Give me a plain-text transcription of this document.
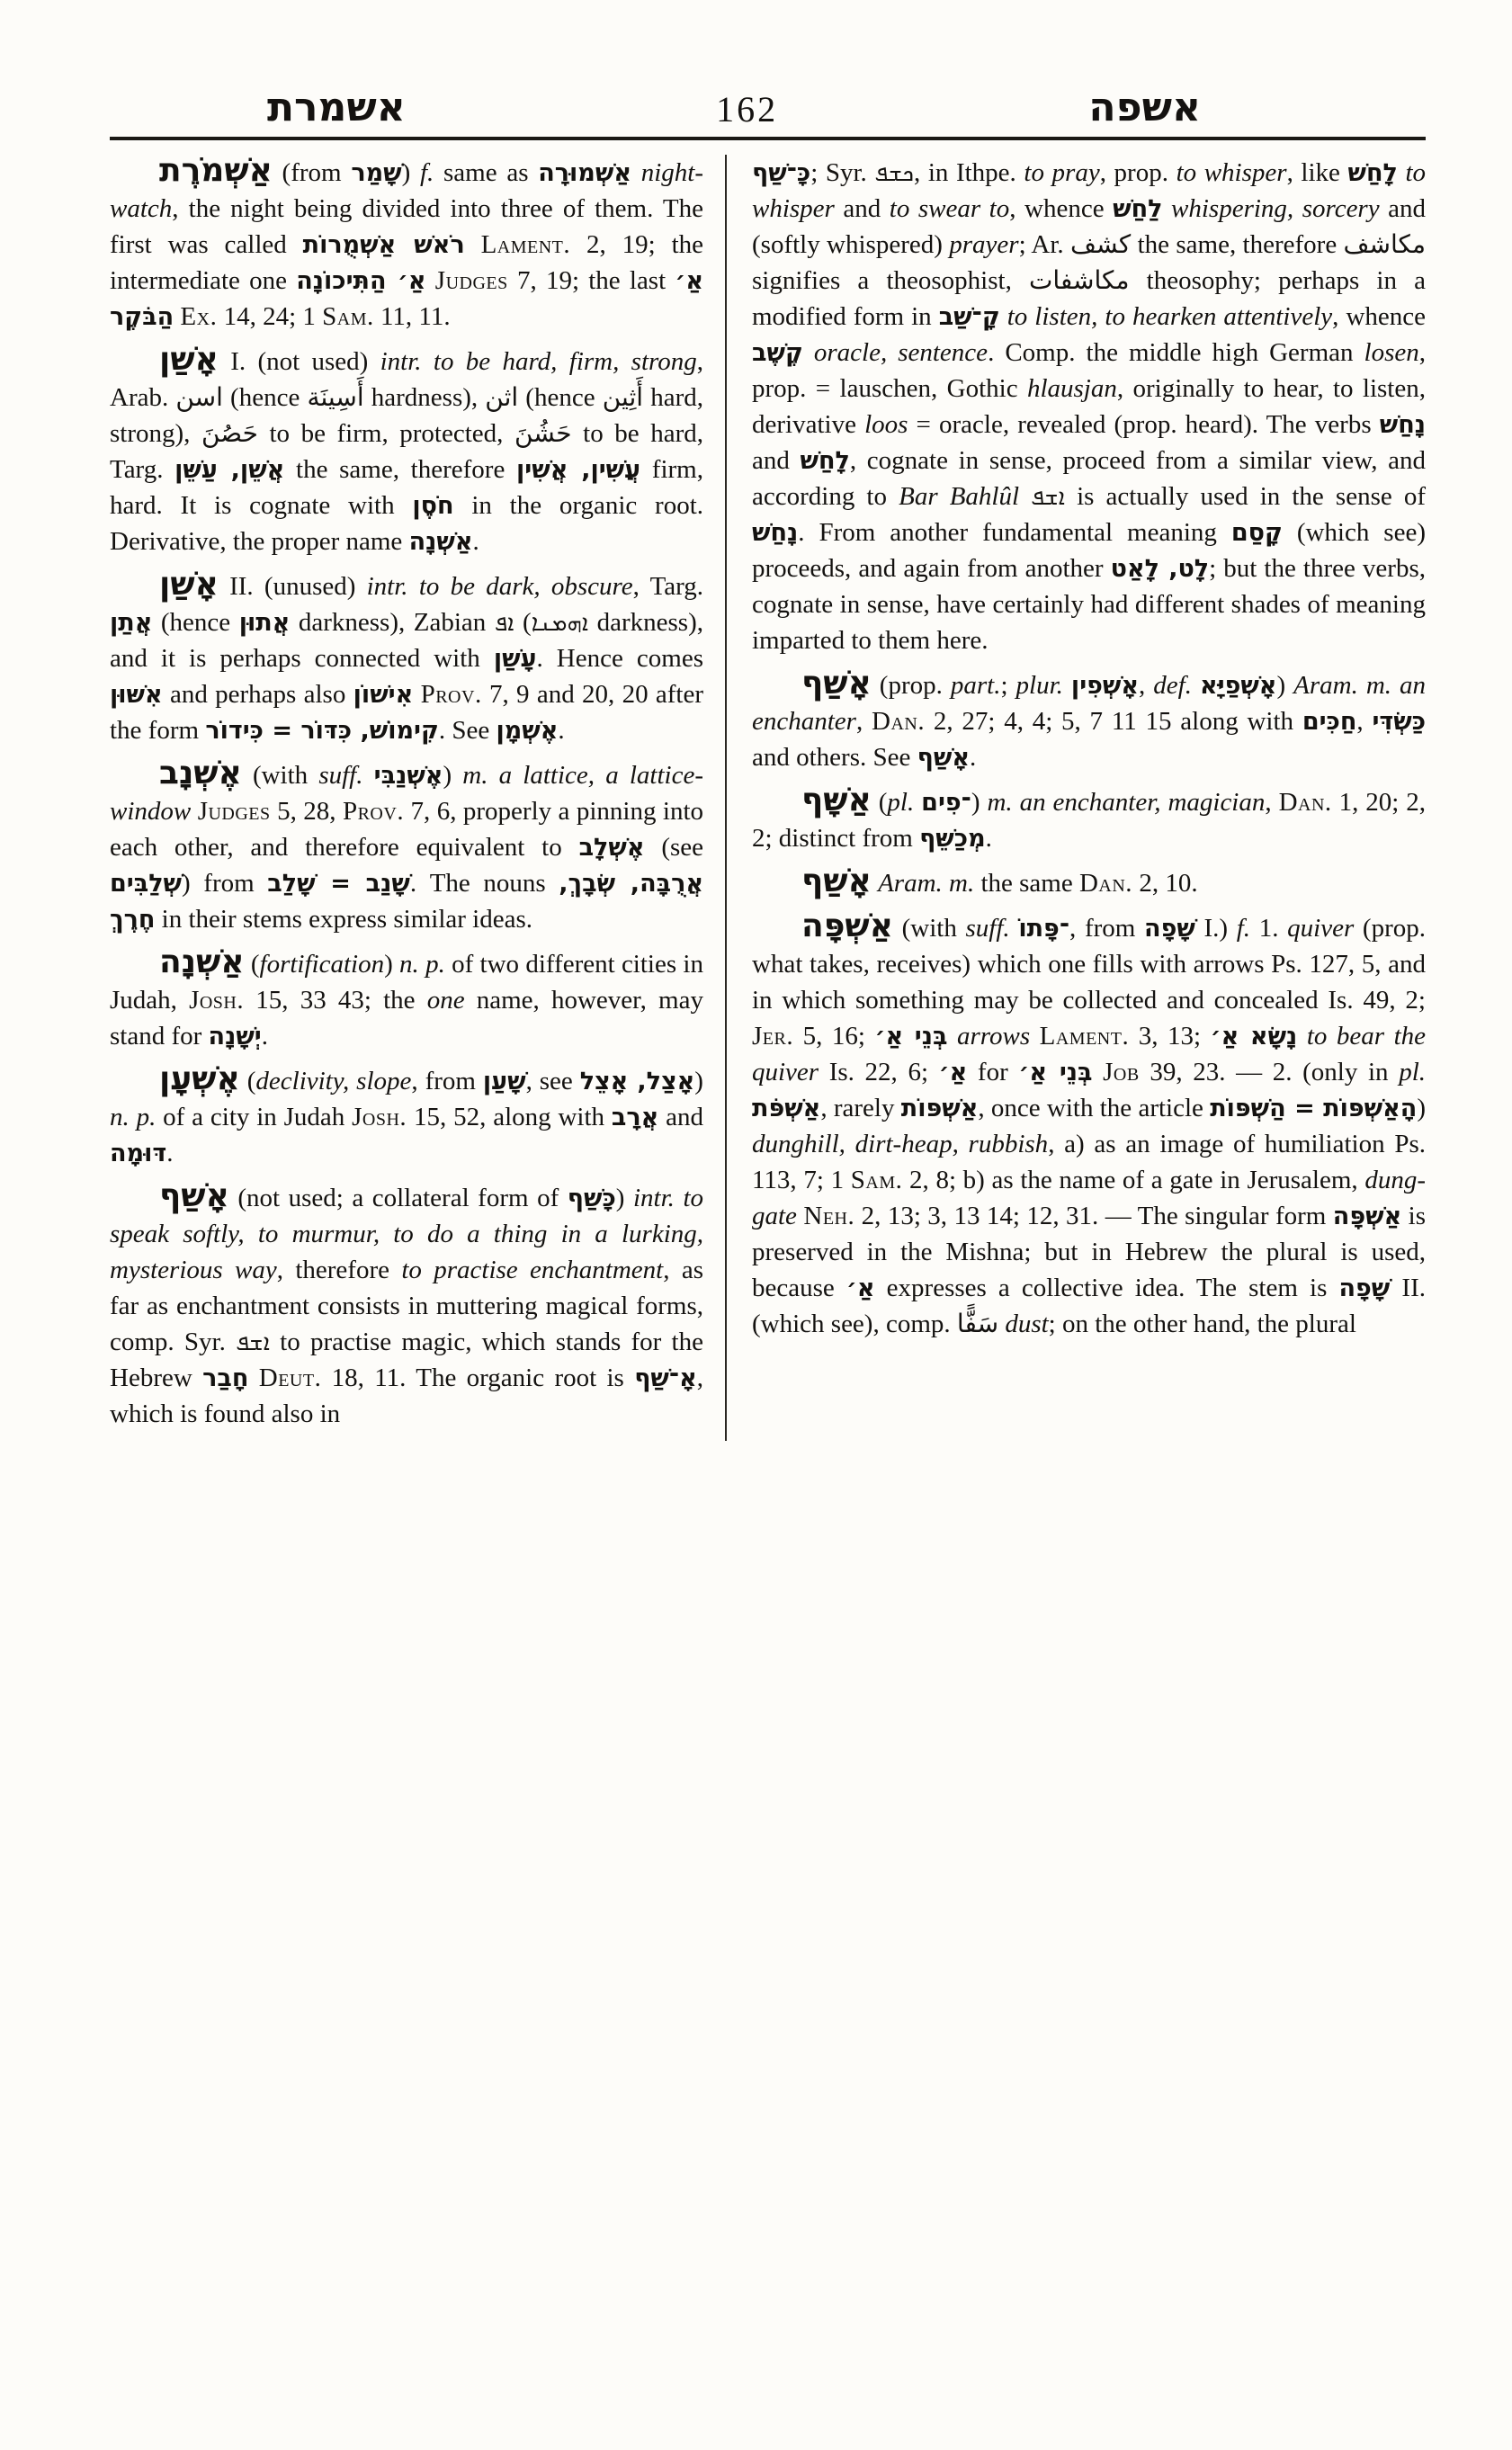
אשמרת	162	אשפה

אַשְׁמֹרֶת (from שָׁמַר) f. same as אַשְׁמוּרָה night-watch, the night being divided into three of them. The first was called רֹאשׁ אַשְׁמֻרוֹת Lament. 2, 19; the intermediate one אַ׳ הַתִּיכוֹנָה Judges 7, 19; the last אַ׳ הַבֹּקֶר Ex. 14, 24; 1 Sam. 11, 11.

אָשַׁן I. (not used) intr. to be hard, firm, strong, Arab. اسن (hence أَسِينَة hardness), اثن (hence أَثِين hard, strong), حَصُنَ to be firm, protected, حَشُنَ to be hard, Targ. אֲשֵׁן, עַשֵּׁן the same, therefore עֲשִׁין, אֲשִׁין firm, hard. It is cognate with חֹסֶן in the organic root. Derivative, the proper name אַשְׁנָה.

אָשַׁן II. (unused) intr. to be dark, obscure, Targ. אֲתַן (hence אֲתוּן darkness), Zabian ܐܦ (ܐܗܡܢܐ darkness), and it is perhaps connected with עָשַׁן. Hence comes אִשּׁוּן and perhaps also אִישׁוֹן Prov. 7, 9 and 20, 20 after the form קִימוֹשׁ, כִּדּוֹר = כִּידוֹר. See אֶשְׁמָן.

אֶשְׁנָב (with suff. אֶשְׁנַבִּי) m. a lattice, a lattice-window Judges 5, 28, Prov. 7, 6, properly a pinning into each other, and therefore equivalent to אֶשְׁלָב (see שְׁלַבִּים) from שָׁנַב = שָׁלַב. The nouns אֲרֻבָּה, שְׂבָךְ, חֶרֶךְ in their stems express similar ideas.

אַשְׁנָה (fortification) n. p. of two different cities in Judah, Josh. 15, 33 43; the one name, however, may stand for יְשָׁנָה.

אֶשְׁעָן (declivity, slope, from שָׁעַן, see אָצַל, אָצֵל) n. p. of a city in Judah Josh. 15, 52, along with אֲרָב and דּוּמָה.

אָשַׁף (not used; a collateral form of כָּשַׁף) intr. to speak softly, to murmur, to do a thing in a lurking, mysterious way, therefore to practise enchantment, as far as enchantment consists in muttering magical forms, comp. Syr. ܐܫܦ to practise magic, which stands for the Hebrew חָבַר Deut. 18, 11. The organic root is אָ־שַׁף, which is found also in

כָּ־שַׁף; Syr. ܟܫܦ, in Ithpe. to pray, prop. to whisper, like לָחַשׁ to whisper and to swear to, whence לַחַשׁ whispering, sorcery and (softly whispered) prayer; Ar. كشف the same, therefore مكاشف signifies a theosophist, مكاشفات theosophy; perhaps in a modified form in קָ־שַׁב to listen, to hearken attentively, whence קֶשֶׁב oracle, sentence. Comp. the middle high German losen, prop. = lauschen, Gothic hlausjan, originally to hear, to listen, derivative loos = oracle, revealed (prop. heard). The verbs נָחַשׁ and לָחַשׁ, cognate in sense, proceed from a similar view, and according to Bar Bahlûl ܐܫܦ is actually used in the sense of נָחַשׁ. From another fundamental meaning קָסַם (which see) proceeds, and again from another לָט, לָאַט; but the three verbs, cognate in sense, have certainly had different shades of meaning imparted to them here.

אָשַׁף (prop. part.; plur. אָשְׁפִין, def. אָשְׁפַיָּא) Aram. m. an enchanter, Dan. 2, 27; 4, 4; 5, 7 11 15 along with חַכִּים, כַּשְׂדִּי and others. See אָשַׁף.

אַשָּׁף (pl. ־פִים) m. an enchanter, magician, Dan. 1, 20; 2, 2; distinct from מְכַשֵּׁף.

אָשַׁף Aram. m. the same Dan. 2, 10.

אַשְׁפָּה (with suff. ־פָּתוֹ, from שָׁפָה I.) f. 1. quiver (prop. what takes, receives) which one fills with arrows Ps. 127, 5, and in which something may be collected and concealed Is. 49, 2; Jer. 5, 16; בְּנֵי אַ׳ arrows Lament. 3, 13; נָשָׂא אַ׳ to bear the quiver Is. 22, 6; אַ׳ for בְּנֵי אַ׳ Job 39, 23. — 2. (only in pl. אַשְׁפֹּת, rarely אַשְׁפּוֹת, once with the article הָאַשְׁפּוֹת = הַשְׁפּוֹת) dunghill, dirt-heap, rubbish, a) as an image of humiliation Ps. 113, 7; 1 Sam. 2, 8; b) as the name of a gate in Jerusalem, dung-gate Neh. 2, 13; 3, 13 14; 12, 31. — The singular form אַשְׁפָּה is preserved in the Mishna; but in Hebrew the plural is used, because אַ׳ expresses a collective idea. The stem is שָׁפָה II. (which see), comp. سَفًّا dust; on the other hand, the plural
